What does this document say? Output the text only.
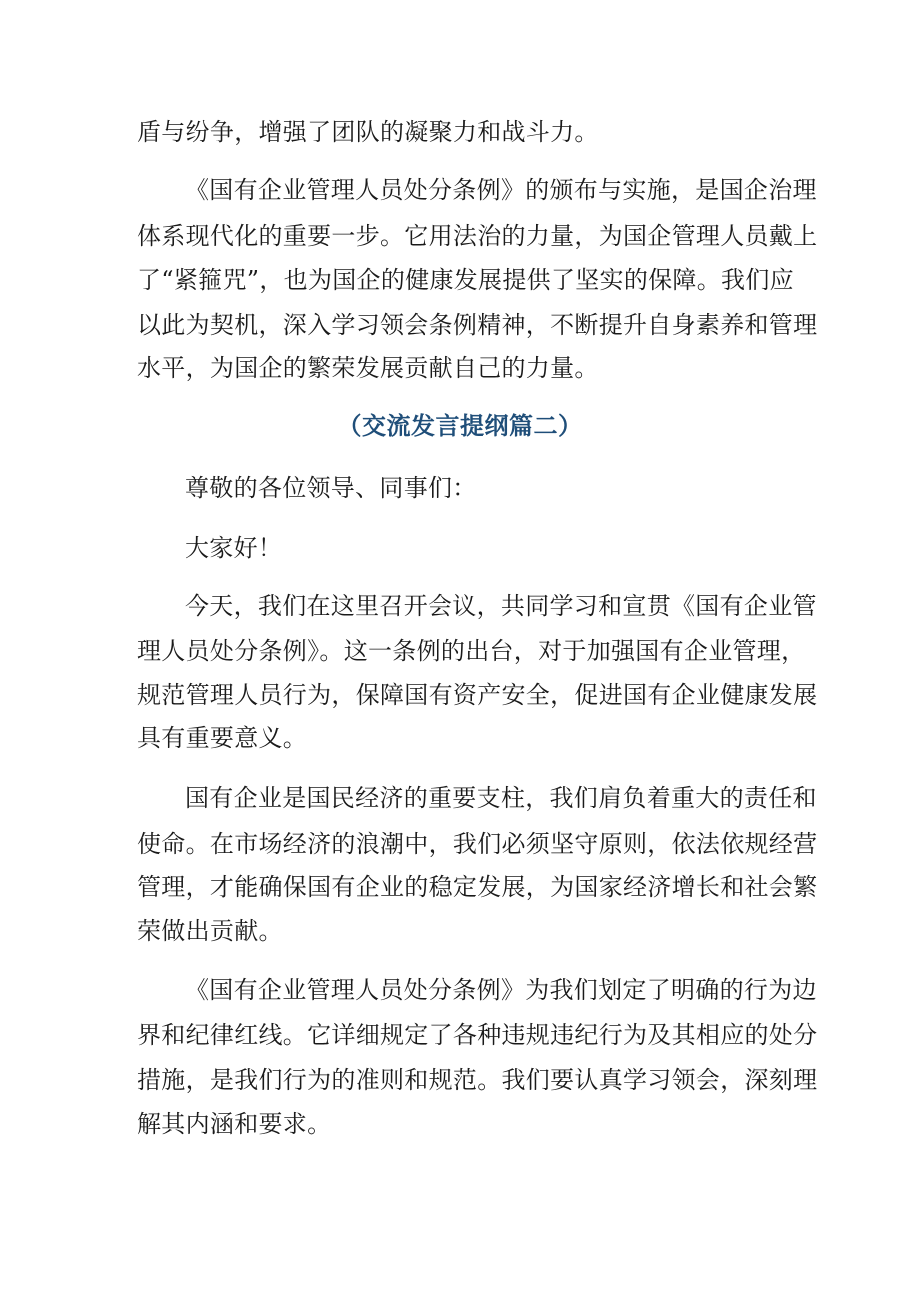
盾与纷争，增强了团队的凝聚力和战斗力。
《国有企业管理人员处分条例》的颁布与实施，是国企治理
体系现代化的重要一步。它用法治的力量，为国企管理人员戴上
了“紧箍咒”，也为国企的健康发展提供了坚实的保障。我们应
以此为契机，深入学习领会条例精神，不断提升自身素养和管理
水平，为国企的繁荣发展贡献自己的力量。
（交流发言提纲篇二）
尊敬的各位领导、同事们：
大家好！
今天，我们在这里召开会议，共同学习和宣贯《国有企业管
理人员处分条例》。这一条例的出台，对于加强国有企业管理，
规范管理人员行为，保障国有资产安全，促进国有企业健康发展
具有重要意义。
国有企业是国民经济的重要支柱，我们肩负着重大的责任和
使命。在市场经济的浪潮中，我们必须坚守原则，依法依规经营
管理，才能确保国有企业的稳定发展，为国家经济增长和社会繁
荣做出贡献。
《国有企业管理人员处分条例》为我们划定了明确的行为边
界和纪律红线。它详细规定了各种违规违纪行为及其相应的处分
措施，是我们行为的准则和规范。我们要认真学习领会，深刻理
解其内涵和要求。
